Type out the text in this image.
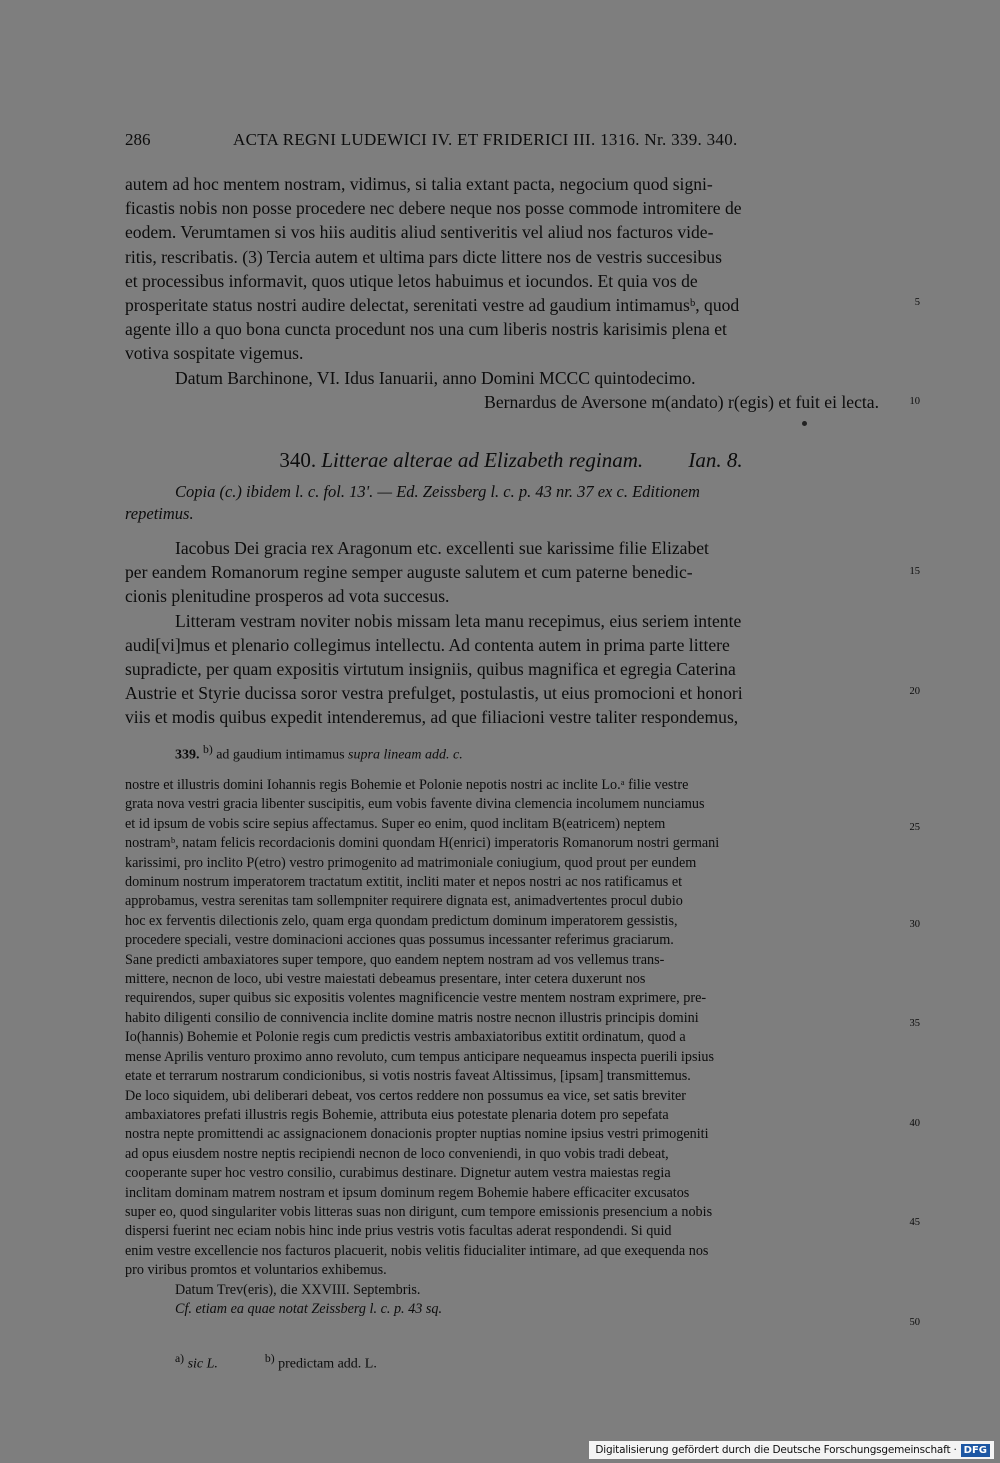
286	ACTA REGNI LUDEWICI IV. ET FRIDERICI III. 1316. Nr. 339. 340.

autem ad hoc mentem nostram, vidimus, si talia extant pacta, negocium quod signi-

ficastis nobis non posse procedere nec debere neque nos posse commode intromitere de

eodem. Verumtamen si vos hiis auditis aliud sentiveritis vel aliud nos facturos vide-

ritis, rescribatis. (3) Tercia autem et ultima pars dicte littere nos de vestris succesibus

et processibus informavit, quos utique letos habuimus et iocundos. Et quia vos de

prosperitate status nostri audire delectat, serenitati vestre ad gaudium intimamusᵇ, quod

agente illo a quo bona cuncta procedunt nos una cum liberis nostris karisimis plena et

votiva sospitate vigemus.

Datum Barchinone, VI. Idus Ianuarii, anno Domini MCCC quintodecimo.

Bernardus de Aversone m(andato) r(egis) et fuit ei lecta.

340. Litterae alterae ad Elizabeth reginam. Ian. 8.

Copia (c.) ibidem l. c. fol. 13'. — Ed. Zeissberg l. c. p. 43 nr. 37 ex c. Editionem

repetimus.

Iacobus Dei gracia rex Aragonum etc. excellenti sue karissime filie Elizabet

per eandem Romanorum regine semper auguste salutem et cum paterne benedic-

cionis plenitudine prosperos ad vota succesus.

Litteram vestram noviter nobis missam leta manu recepimus, eius seriem intente

audi[vi]mus et plenario collegimus intellectu. Ad contenta autem in prima parte littere

supradicte, per quam expositis virtutum insigniis, quibus magnifica et egregia Caterina

Austrie et Styrie ducissa soror vestra prefulget, postulastis, ut eius promocioni et honori

viis et modis quibus expedit intenderemus, ad que filiacioni vestre taliter respondemus,

339. $^{b)}$ ad gaudium intimamus supra lineam add. c.

nostre et illustris domini Iohannis regis Bohemie et Polonie nepotis nostri ac inclite Lo.ᵃ filie vestre

grata nova vestri gracia libenter suscipitis, eum vobis favente divina clemencia incolumem nunciamus

et id ipsum de vobis scire sepius affectamus. Super eo enim, quod inclitam B(eatricem) neptem

nostramᵇ, natam felicis recordacionis domini quondam H(enrici) imperatoris Romanorum nostri germani

karissimi, pro inclito P(etro) vestro primogenito ad matrimoniale coniugium, quod prout per eundem

dominum nostrum imperatorem tractatum extitit, incliti mater et nepos nostri ac nos ratificamus et

approbamus, vestra serenitas tam sollempniter requirere dignata est, animadvertentes procul dubio

hoc ex ferventis dilectionis zelo, quam erga quondam predictum dominum imperatorem gessistis,

procedere speciali, vestre dominacioni acciones quas possumus incessanter referimus graciarum.

Sane predicti ambaxiatores super tempore, quo eandem neptem nostram ad vos vellemus trans-

mittere, necnon de loco, ubi vestre maiestati debeamus presentare, inter cetera duxerunt nos

requirendos, super quibus sic expositis volentes magnificencie vestre mentem nostram exprimere, pre-

habito diligenti consilio de connivencia inclite domine matris nostre necnon illustris principis domini

Io(hannis) Bohemie et Polonie regis cum predictis vestris ambaxiatoribus extitit ordinatum, quod a

mense Aprilis venturo proximo anno revoluto, cum tempus anticipare nequeamus inspecta puerili ipsius

etate et terrarum nostrarum condicionibus, si votis nostris faveat Altissimus, [ipsam] transmittemus.

De loco siquidem, ubi deliberari debeat, vos certos reddere non possumus ea vice, set satis breviter

ambaxiatores prefati illustris regis Bohemie, attributa eius potestate plenaria dotem pro sepefata

nostra nepte promittendi ac assignacionem donacionis propter nuptias nomine ipsius vestri primogeniti

ad opus eiusdem nostre neptis recipiendi necnon de loco conveniendi, in quo vobis tradi debeat,

cooperante super hoc vestro consilio, curabimus destinare. Dignetur autem vestra maiestas regia

inclitam dominam matrem nostram et ipsum dominum regem Bohemie habere efficaciter excusatos

super eo, quod singulariter vobis litteras suas non dirigunt, cum tempore emissionis presencium a nobis

dispersi fuerint nec eciam nobis hinc inde prius vestris votis facultas aderat respondendi. Si quid

enim vestre excellencie nos facturos placuerit, nobis velitis fiducialiter intimare, ad que exequenda nos

pro viribus promtos et voluntarios exhibemus.

Datum Trev(eris), die XXVIII. Septembris.

Cf. etiam ea quae notat Zeissberg l. c. p. 43 sq.

$^{a)}$ sic L.	$^{b)}$ predictam add. L.
5
10
15
20
25
30
35
40
45
50
Digitalisierung gefördert durch die Deutsche Forschungsgemeinschaft · DFG
